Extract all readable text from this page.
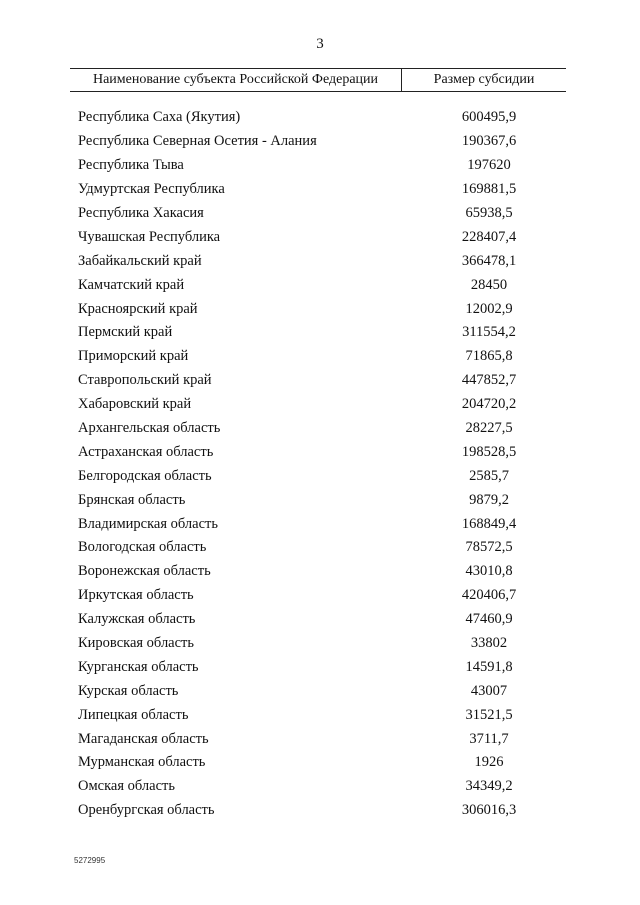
3
Наименование субъекта Российской Федерации	Размер субсидии
Республика Саха (Якутия)	600495,9
Республика Северная Осетия - Алания	190367,6
Республика Тыва	197620
Удмуртская Республика	169881,5
Республика Хакасия	65938,5
Чувашская Республика	228407,4
Забайкальский край	366478,1
Камчатский край	28450
Красноярский край	12002,9
Пермский край	311554,2
Приморский край	71865,8
Ставропольский край	447852,7
Хабаровский край	204720,2
Архангельская область	28227,5
Астраханская область	198528,5
Белгородская область	2585,7
Брянская область	9879,2
Владимирская область	168849,4
Вологодская область	78572,5
Воронежская область	43010,8
Иркутская область	420406,7
Калужская область	47460,9
Кировская область	33802
Курганская область	14591,8
Курская область	43007
Липецкая область	31521,5
Магаданская область	3711,7
Мурманская область	1926
Омская область	34349,2
Оренбургская область	306016,3
5272995
